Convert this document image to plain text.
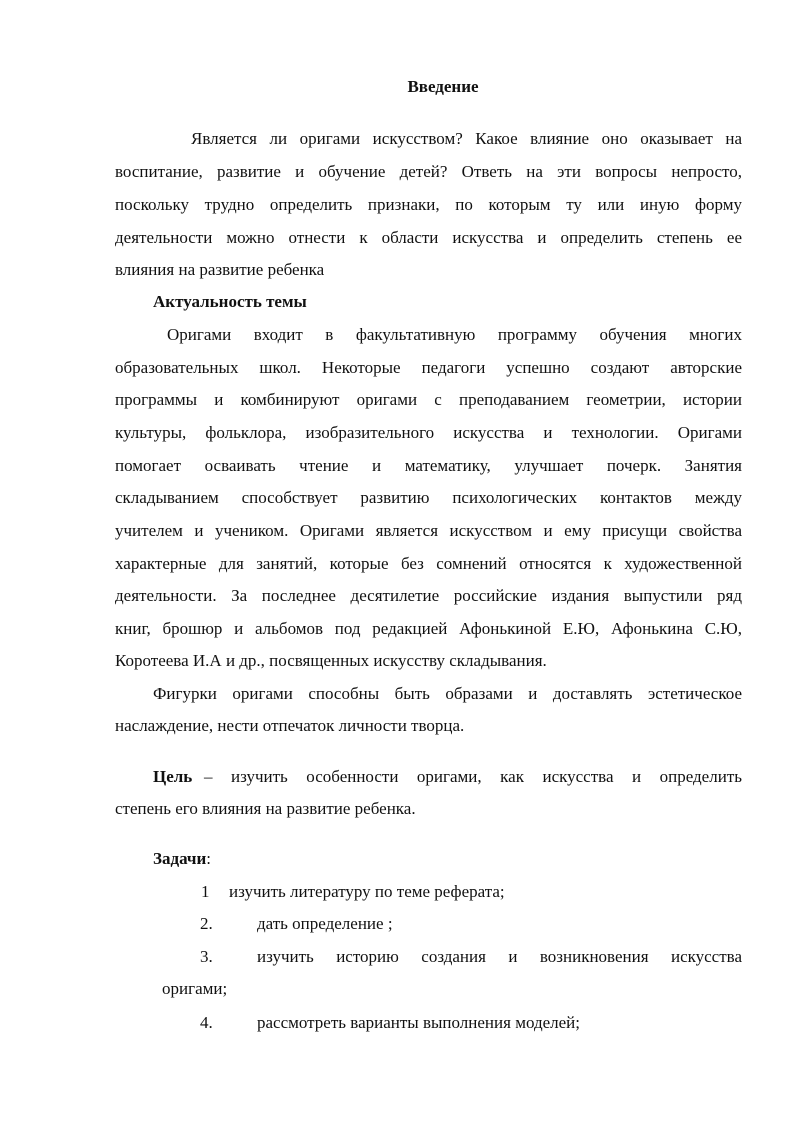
Введение
Является ли оригами искусством? Какое влияние оно оказывает на
воспитание, развитие и обучение детей? Ответь на эти вопросы непросто,
поскольку трудно определить признаки, по которым ту или иную форму
деятельности можно отнести к области искусства и определить степень ее
влияния на развитие ребенка
Актуальность темы
Оригами входит в факультативную программу обучения многих
образовательных школ. Некоторые педагоги успешно создают авторские
программы и комбинируют оригами с преподаванием геометрии, истории
культуры, фольклора, изобразительного искусства и технологии. Оригами
помогает осваивать чтение и математику, улучшает почерк. Занятия
складыванием способствует развитию психологических контактов между
учителем и учеником. Оригами является искусством и ему присущи свойства
характерные для занятий, которые без сомнений относятся к художественной
деятельности. За последнее десятилетие российские издания выпустили ряд
книг, брошюр и альбомов под редакцией Афонькиной Е.Ю, Афонькина С.Ю,
Коротеева И.А и др., посвященных искусству складывания.
Фигурки оригами способны быть образами и доставлять эстетическое
наслаждение, нести отпечаток личности творца.
Цель – изучить особенности оригами, как искусства и определить
степень его влияния на развитие ребенка.
Задачи:
1 изучить литературу по теме реферата;
2.	дать определение ;
3.	изучить историю создания и возникновения искусства
оригами;
4.	рассмотреть варианты выполнения моделей;
